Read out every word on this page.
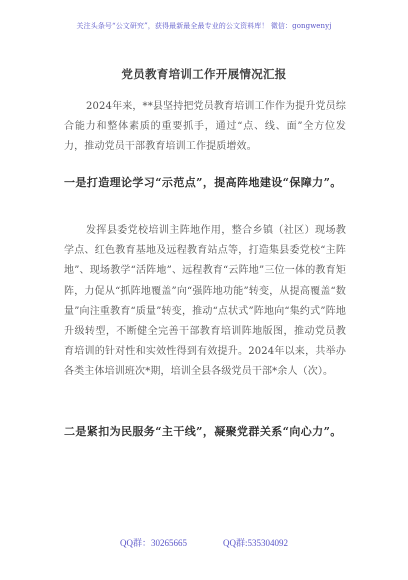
关注头条号“公文研究”，获得最新最全最专业的公文资料库！ 微信：gongwenyj
党员教育培训工作开展情况汇报

2024年来，**县坚持把党员教育培训工作作为提升党员综合能力和整体素质的重要抓手，通过“点、线、面”全方位发力，推动党员干部教育培训工作提质增效。

一是打造理论学习“示范点”，提高阵地建设“保障力”。

发挥县委党校培训主阵地作用，整合乡镇（社区）现场教学点、红色教育基地及远程教育站点等，打造集县委党校“主阵地”、现场教学“活阵地”、远程教育“云阵地”三位一体的教育矩阵，力促从“抓阵地覆盖”向“强阵地功能”转变，从提高覆盖“数量”向注重教育“质量”转变，推动“点状式”阵地向“集约式”阵地升级转型，不断健全完善干部教育培训阵地版图，推动党员教育培训的针对性和实效性得到有效提升。2024年以来，共举办各类主体培训班次*期，培训全县各级党员干部*余人（次）。

二是紧扣为民服务“主干线”，凝聚党群关系“向心力”。

QQ群：30265665	QQ群:535304092
